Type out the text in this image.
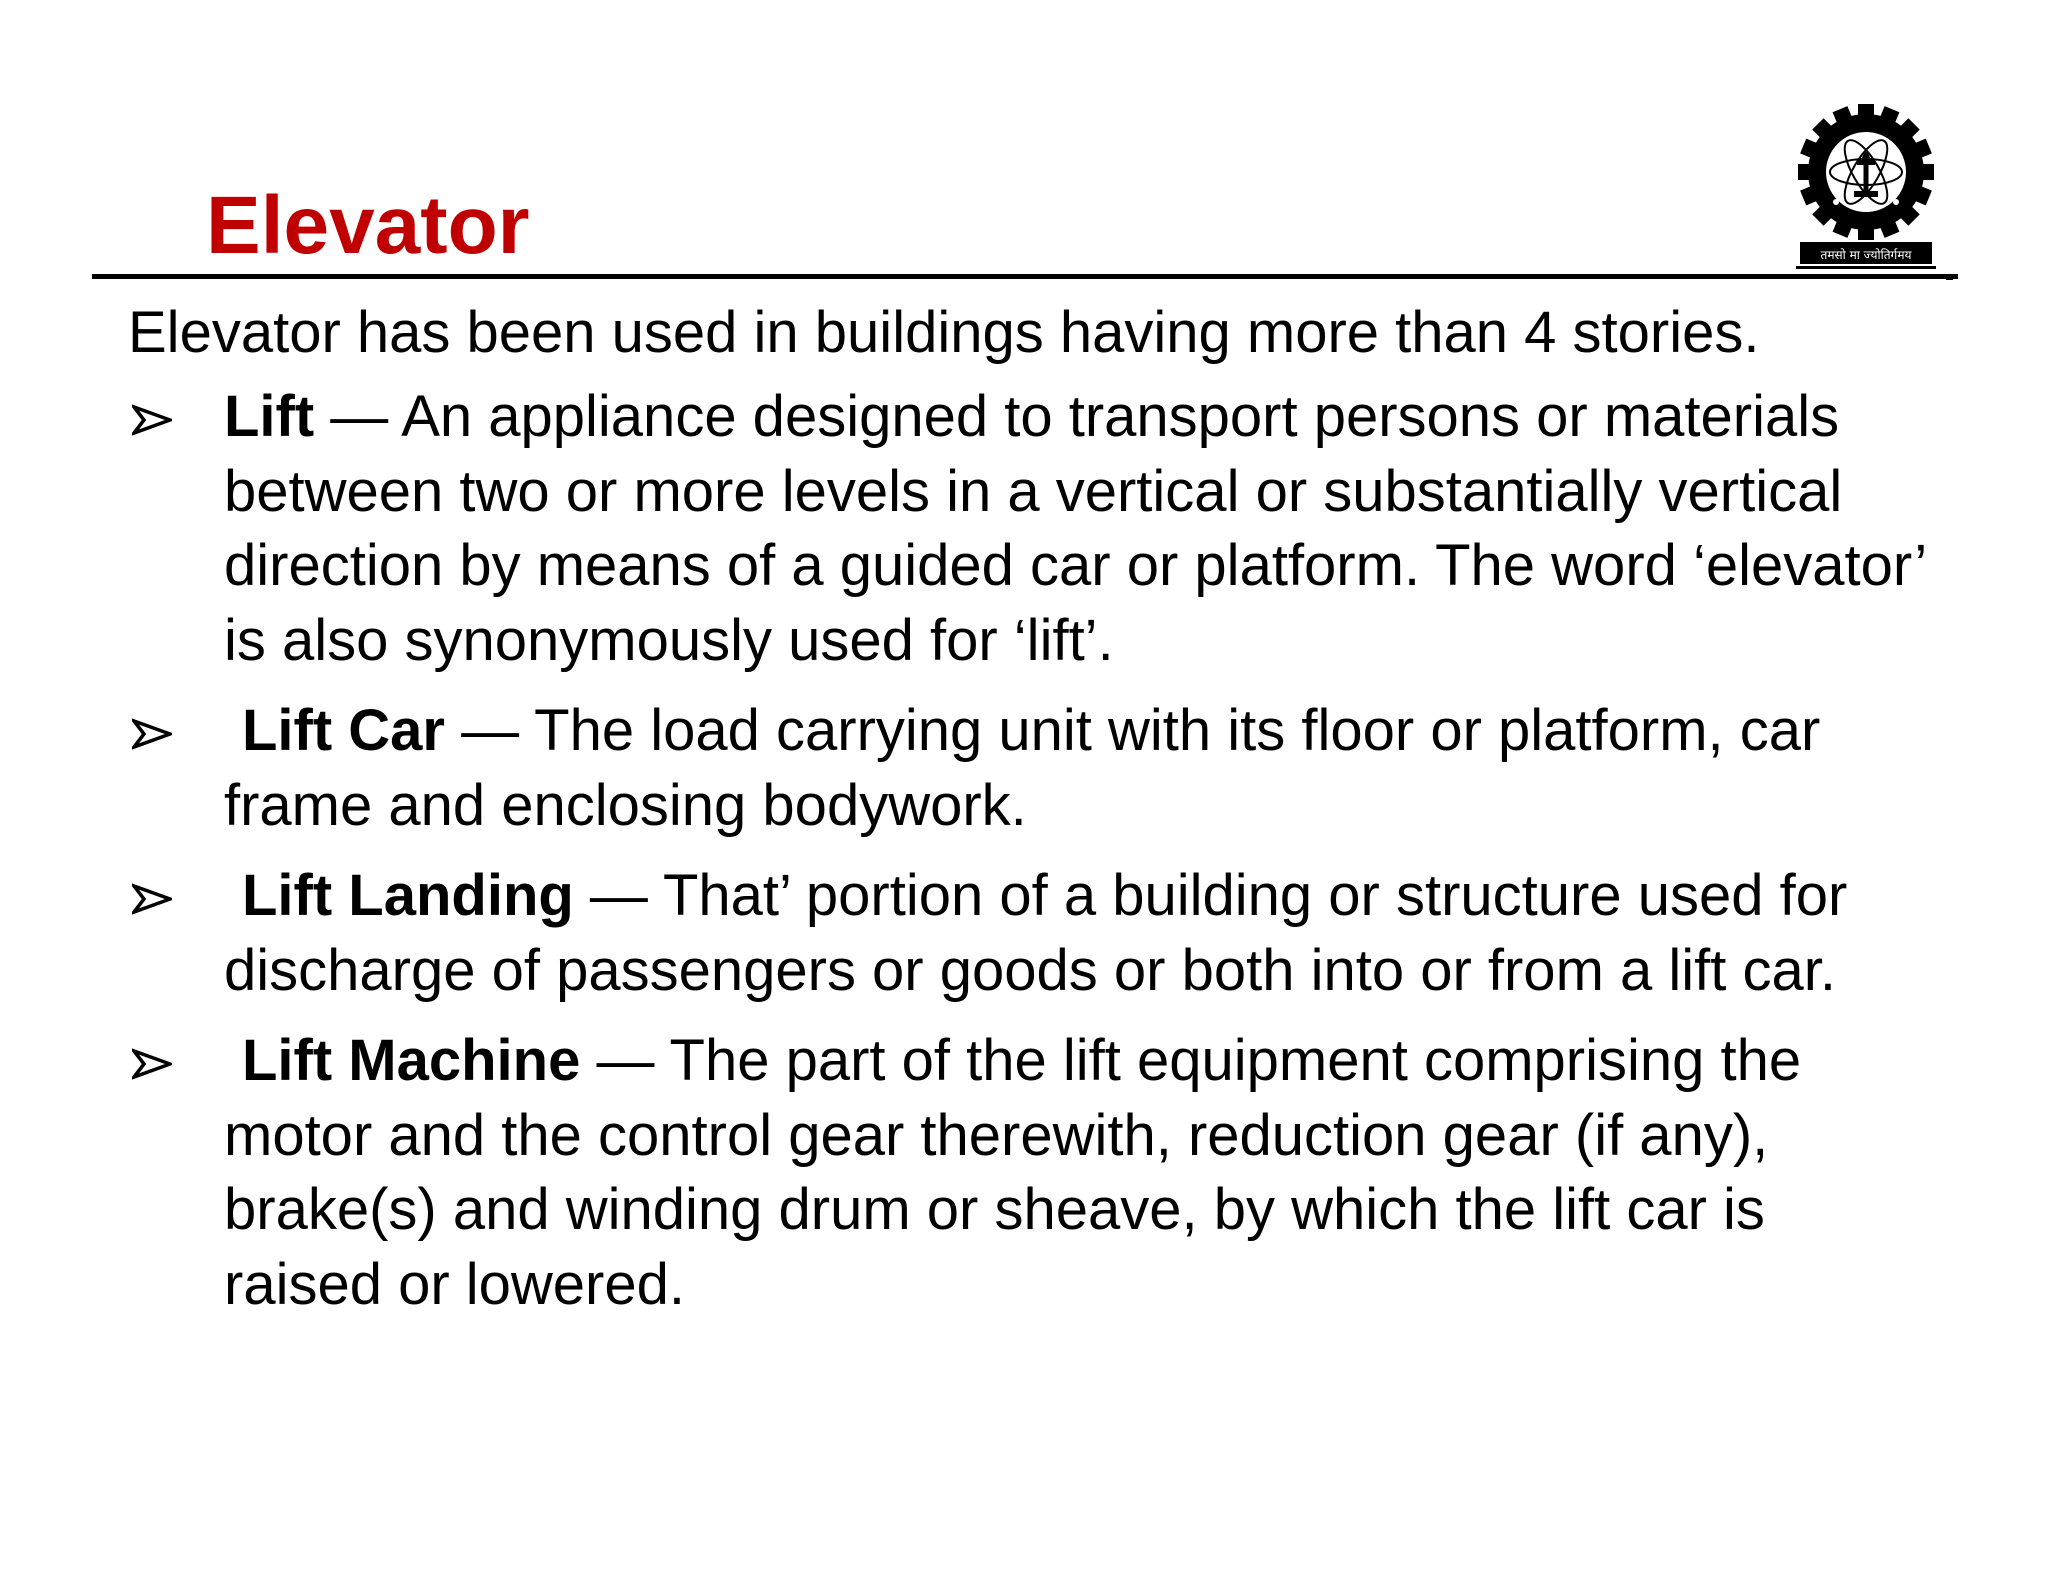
Elevator	तमसो मा ज्योतिर्गमय

Elevator has been used in buildings having more than 4 stories.

Lift — An appliance designed to transport persons or materials between two or more levels in a vertical or substantially vertical direction by means of a guided car or platform. The word ‘elevator’ is also synonymously used for ‘lift’.
Lift Car — The load carrying unit with its floor or platform, car frame and enclosing bodywork.
Lift Landing — That’ portion of a building or structure used for discharge of passengers or goods or both into or from a lift car.
Lift Machine — The part of the lift equipment comprising the motor and the control gear therewith, reduction gear (if any), brake(s) and winding drum or sheave, by which the lift car is raised or lowered.
